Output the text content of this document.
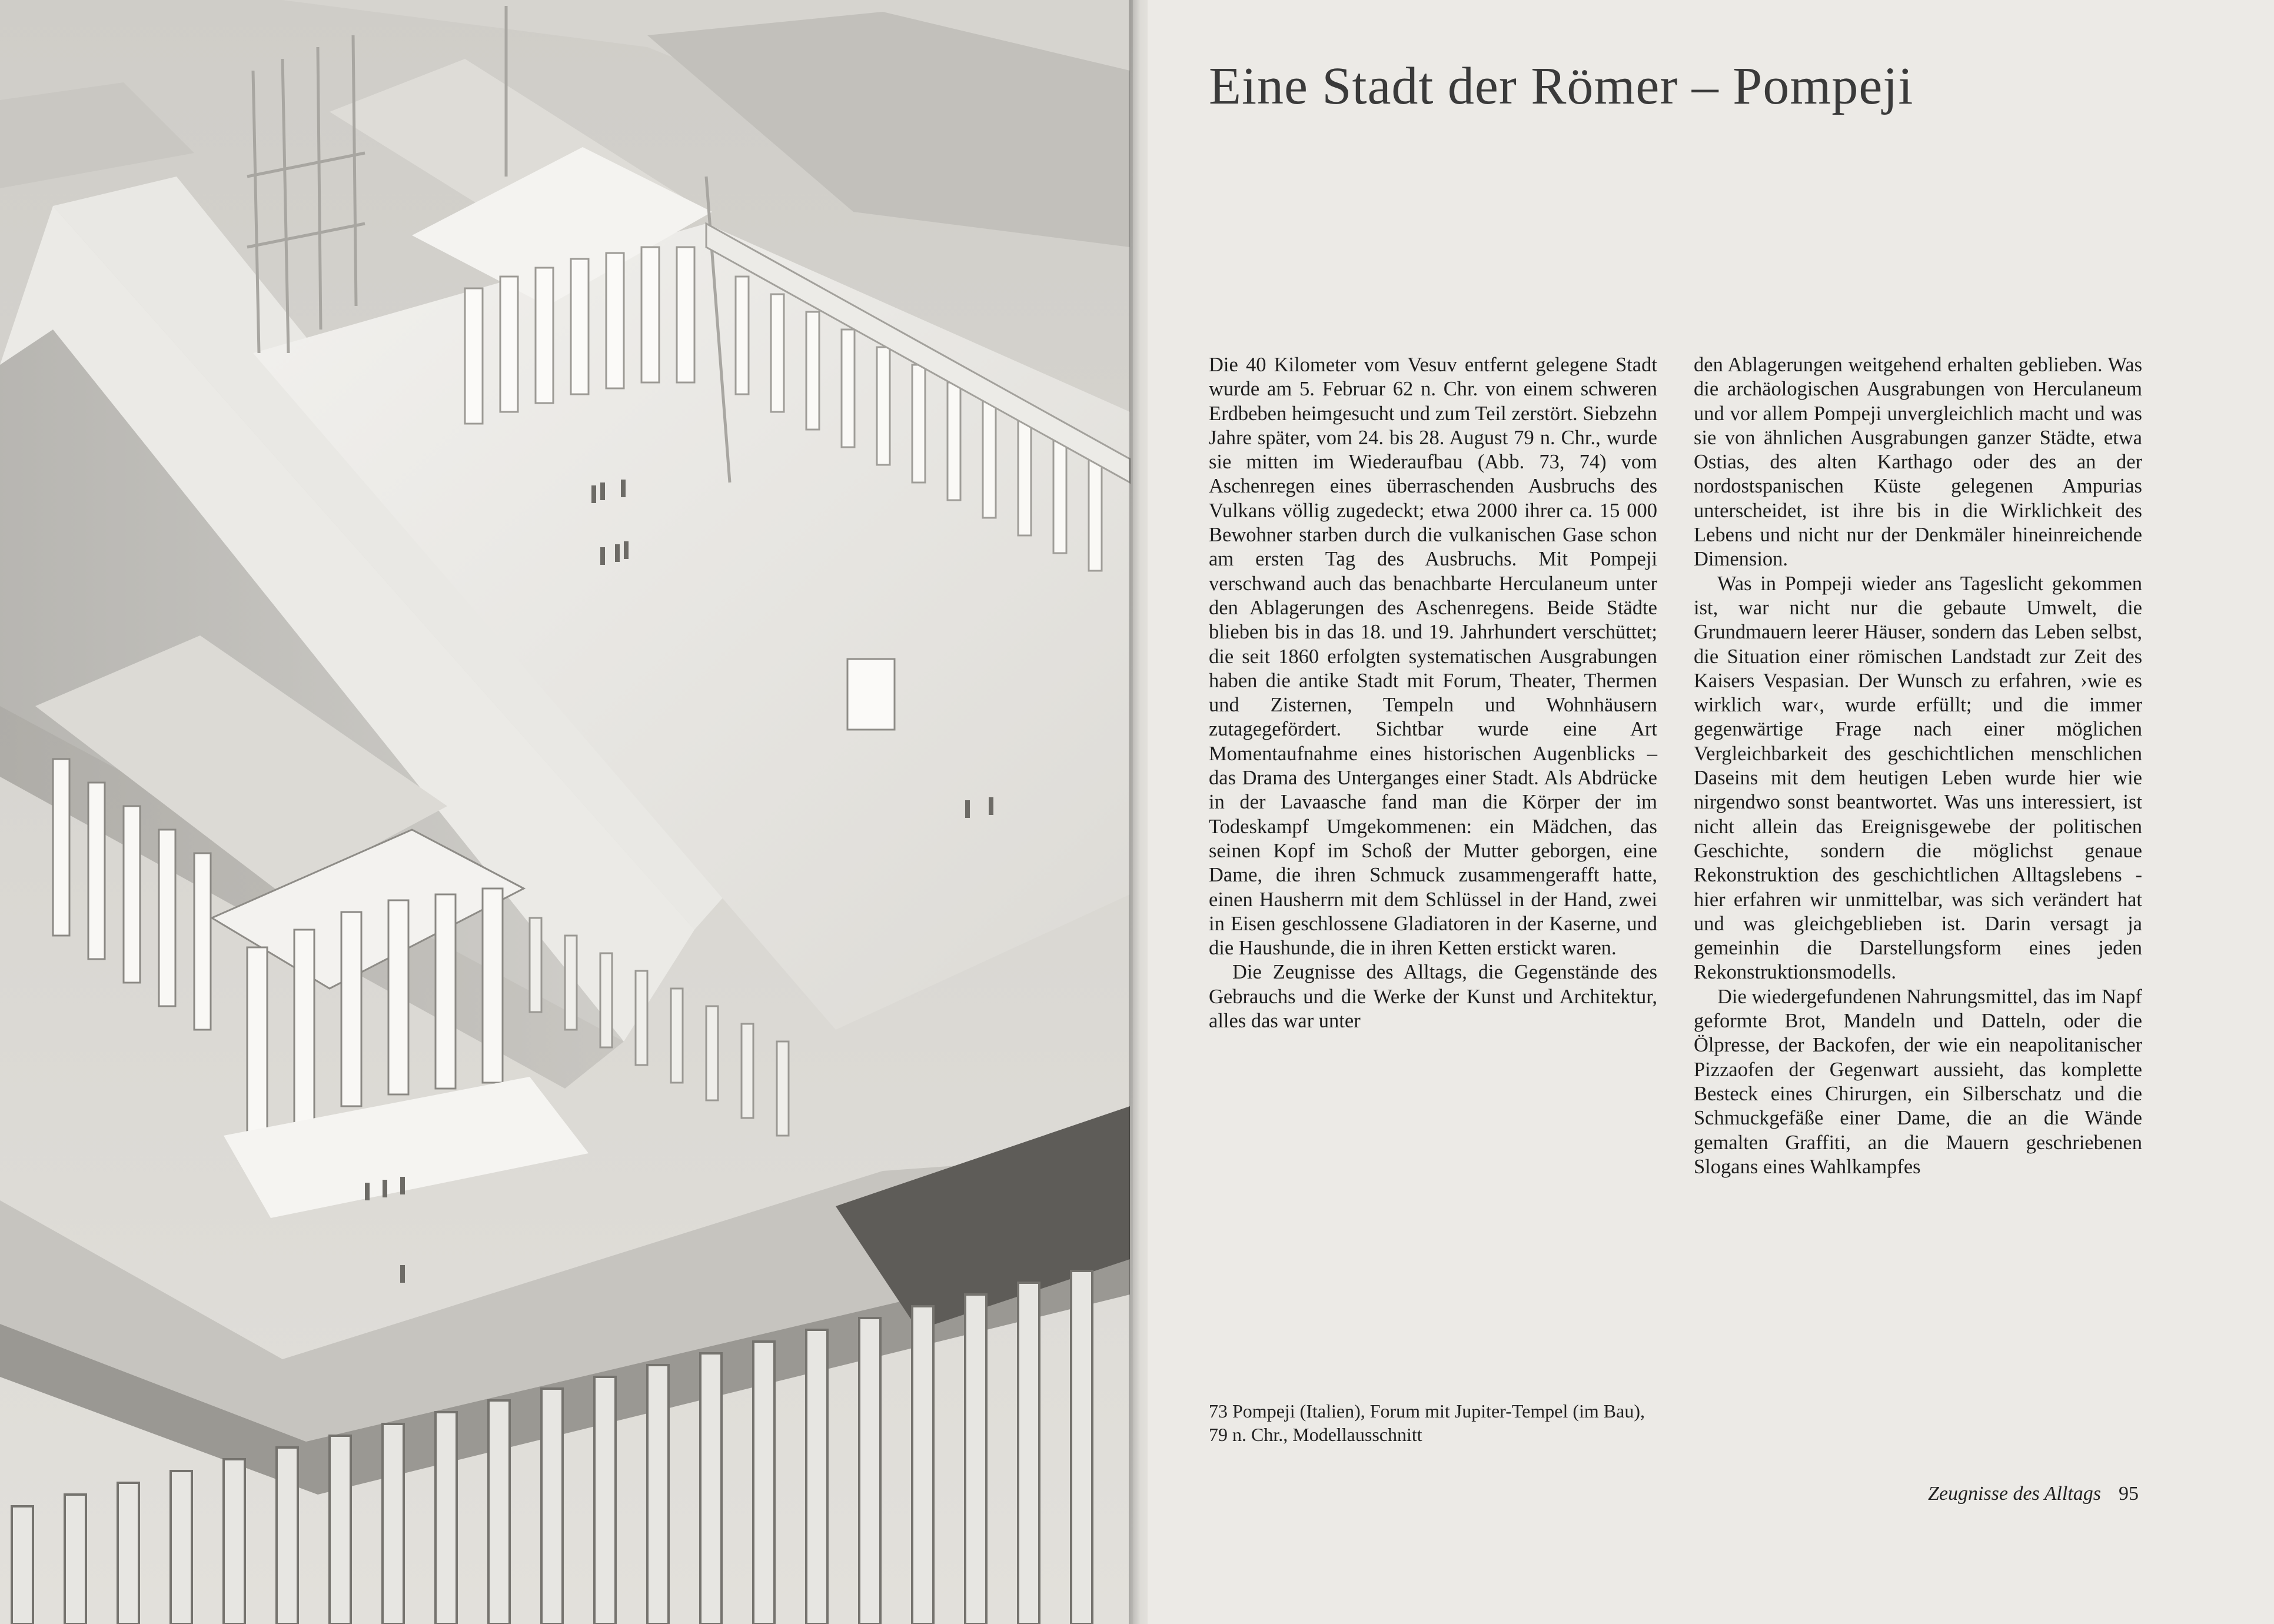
Eine Stadt der Römer – Pompeji

Die 40 Kilometer vom Vesuv entfernt gelegene Stadt wurde am 5. Februar 62 n. Chr. von einem schweren Erdbeben heimgesucht und zum Teil zerstört. Siebzehn Jahre später, vom 24. bis 28. August 79 n. Chr., wurde sie mitten im Wiederaufbau (Abb. 73, 74) vom Aschenregen eines überraschenden Ausbruchs des Vulkans völlig zugedeckt; etwa 2000 ihrer ca. 15 000 Bewohner starben durch die vulkanischen Gase schon am ersten Tag des Ausbruchs. Mit Pompeji verschwand auch das benachbarte Herculaneum unter den Ablagerungen des Aschenregens. Beide Städte blieben bis in das 18. und 19. Jahrhundert verschüttet; die seit 1860 erfolgten systematischen Ausgrabungen haben die antike Stadt mit Forum, Theater, Thermen und Zisternen, Tempeln und Wohnhäusern zutagegefördert. Sichtbar wurde eine Art Momentaufnahme eines historischen Augenblicks – das Drama des Unterganges einer Stadt. Als Abdrücke in der Lavaasche fand man die Körper der im Todeskampf Umgekommenen: ein Mädchen, das seinen Kopf im Schoß der Mutter geborgen, eine Dame, die ihren Schmuck zusammengerafft hatte, einen Hausherrn mit dem Schlüssel in der Hand, zwei in Eisen geschlossene Gladiatoren in der Kaserne, und die Haushunde, die in ihren Ketten erstickt waren.

Die Zeugnisse des Alltags, die Gegenstände des Gebrauchs und die Werke der Kunst und Architektur, alles das war unter

den Ablagerungen weitgehend erhalten geblieben. Was die archäologischen Ausgrabungen von Herculaneum und vor allem Pompeji unvergleichlich macht und was sie von ähnlichen Ausgrabungen ganzer Städte, etwa Ostias, des alten Karthago oder des an der nordostspanischen Küste gelegenen Ampurias unterscheidet, ist ihre bis in die Wirklichkeit des Lebens und nicht nur der Denkmäler hineinreichende Dimension.

Was in Pompeji wieder ans Tageslicht gekommen ist, war nicht nur die gebaute Umwelt, die Grundmauern leerer Häuser, sondern das Leben selbst, die Situation einer römischen Landstadt zur Zeit des Kaisers Vespasian. Der Wunsch zu erfahren, ›wie es wirklich war‹, wurde erfüllt; und die immer gegenwärtige Frage nach einer möglichen Vergleichbarkeit des geschichtlichen menschlichen Daseins mit dem heutigen Leben wurde hier wie nirgendwo sonst beantwortet. Was uns interessiert, ist nicht allein das Ereignisgewebe der politischen Geschichte, sondern die möglichst genaue Rekonstruktion des geschichtlichen Alltagslebens - hier erfahren wir unmittelbar, was sich verändert hat und was gleichgeblieben ist. Darin versagt ja gemeinhin die Darstellungsform eines jeden Rekonstruktionsmodells.

Die wiedergefundenen Nahrungsmittel, das im Napf geformte Brot, Mandeln und Datteln, oder die Ölpresse, der Backofen, der wie ein neapolitanischer Pizzaofen der Gegenwart aussieht, das komplette Besteck eines Chirurgen, ein Silberschatz und die Schmuckgefäße einer Dame, die an die Wände gemalten Graffiti, an die Mauern geschriebenen Slogans eines Wahlkampfes

73 Pompeji (Italien), Forum mit Jupiter-Tempel (im Bau), 79 n. Chr., Modellausschnitt
Zeugnisse des Alltags 95
